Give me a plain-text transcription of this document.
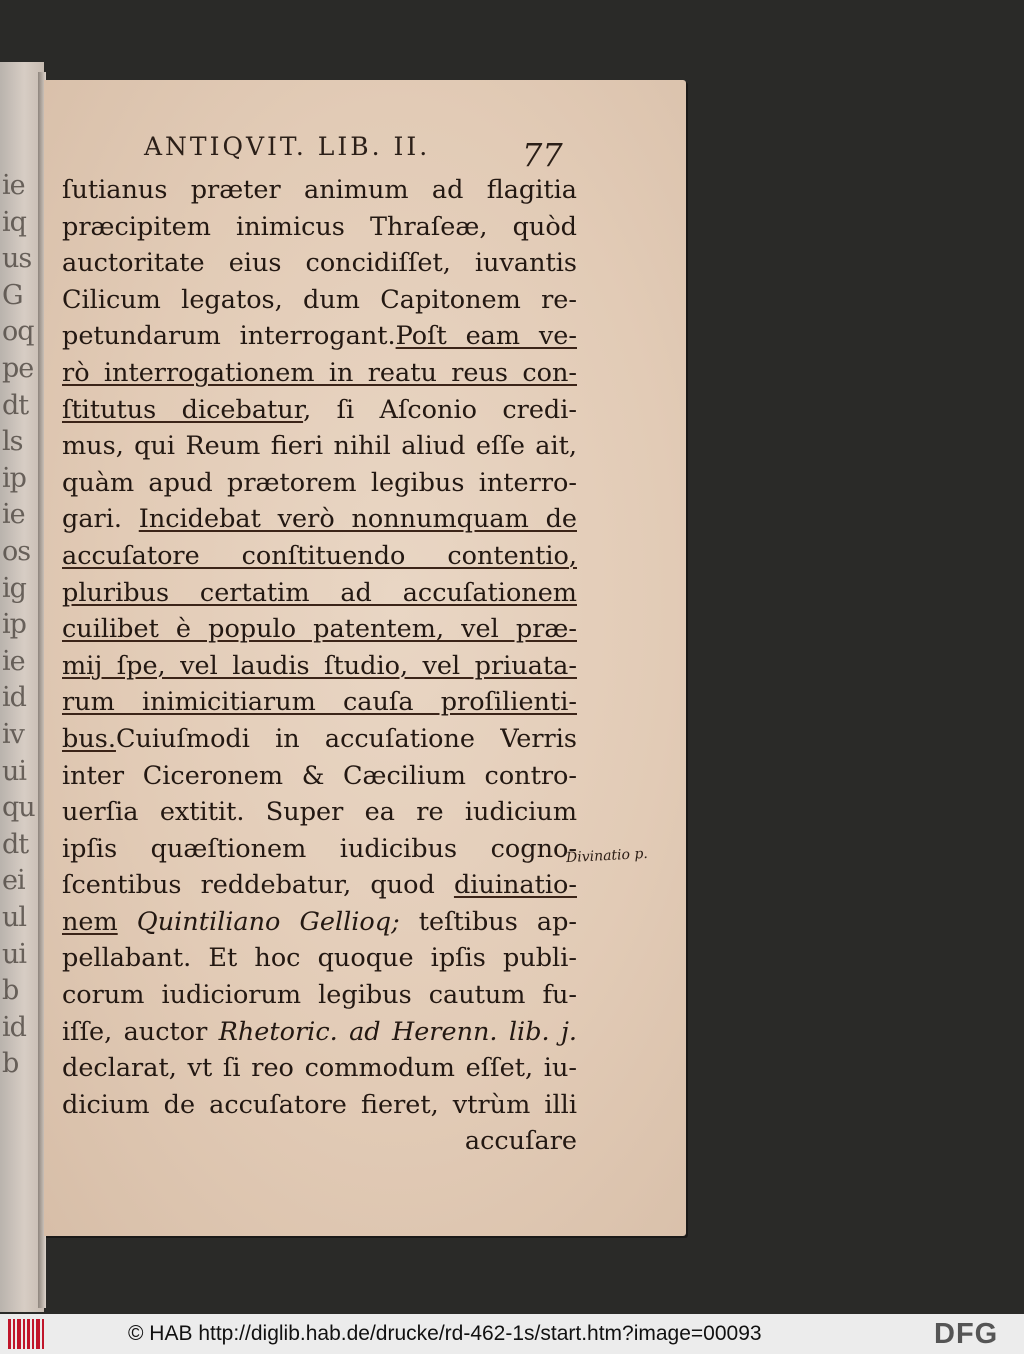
ie
iq
us
G
oq
pe
dt
ls
ip
ie
os
ig
ip
ie
id
iv
ui
qu
dt
ei
ul
ui
b
id
b
ANTIQVIT. LIB. II.	77
ſutianus præter animum ad flagitia
præcipitem inimicus Thraſeæ, quòd
auctoritate eius concidiſſet, iuvantis
Cilicum legatos, dum Capitonem re-
petundarum interrogant.Poſt eam ve-
rò interrogationem in reatu reus con-
ſtitutus dicebatur, ſi Aſconio credi-
mus, qui Reum fieri nihil aliud eſſe ait,
quàm apud prætorem legibus interro-
gari. Incidebat verò nonnumquam de
accuſatore conſtituendo contentio,
pluribus certatim ad accuſationem
cuilibet è populo patentem, vel præ-
mij ſpe, vel laudis ſtudio, vel priuata-
rum inimicitiarum cauſa proſilienti-
bus.Cuiuſmodi in accuſatione Verris
inter Ciceronem & Cæcilium contro-
uerſia extitit. Super ea re iudicium
ipſis quæſtionem iudicibus cogno-
ſcentibus reddebatur, quod diuinatio-
nem Quintiliano Gellioq; teſtibus ap-
pellabant. Et hoc quoque ipſis publi-
corum iudiciorum legibus cautum fu-
iſſe, auctor Rhetoric. ad Herenn. lib. j.
declarat, vt ſi reo commodum eſſet, iu-
dicium de accuſatore fieret, vtrùm illi
accuſare
Divinatio p.
© HAB http://diglib.hab.de/drucke/rd-462-1s/start.htm?image=00093	DFG
